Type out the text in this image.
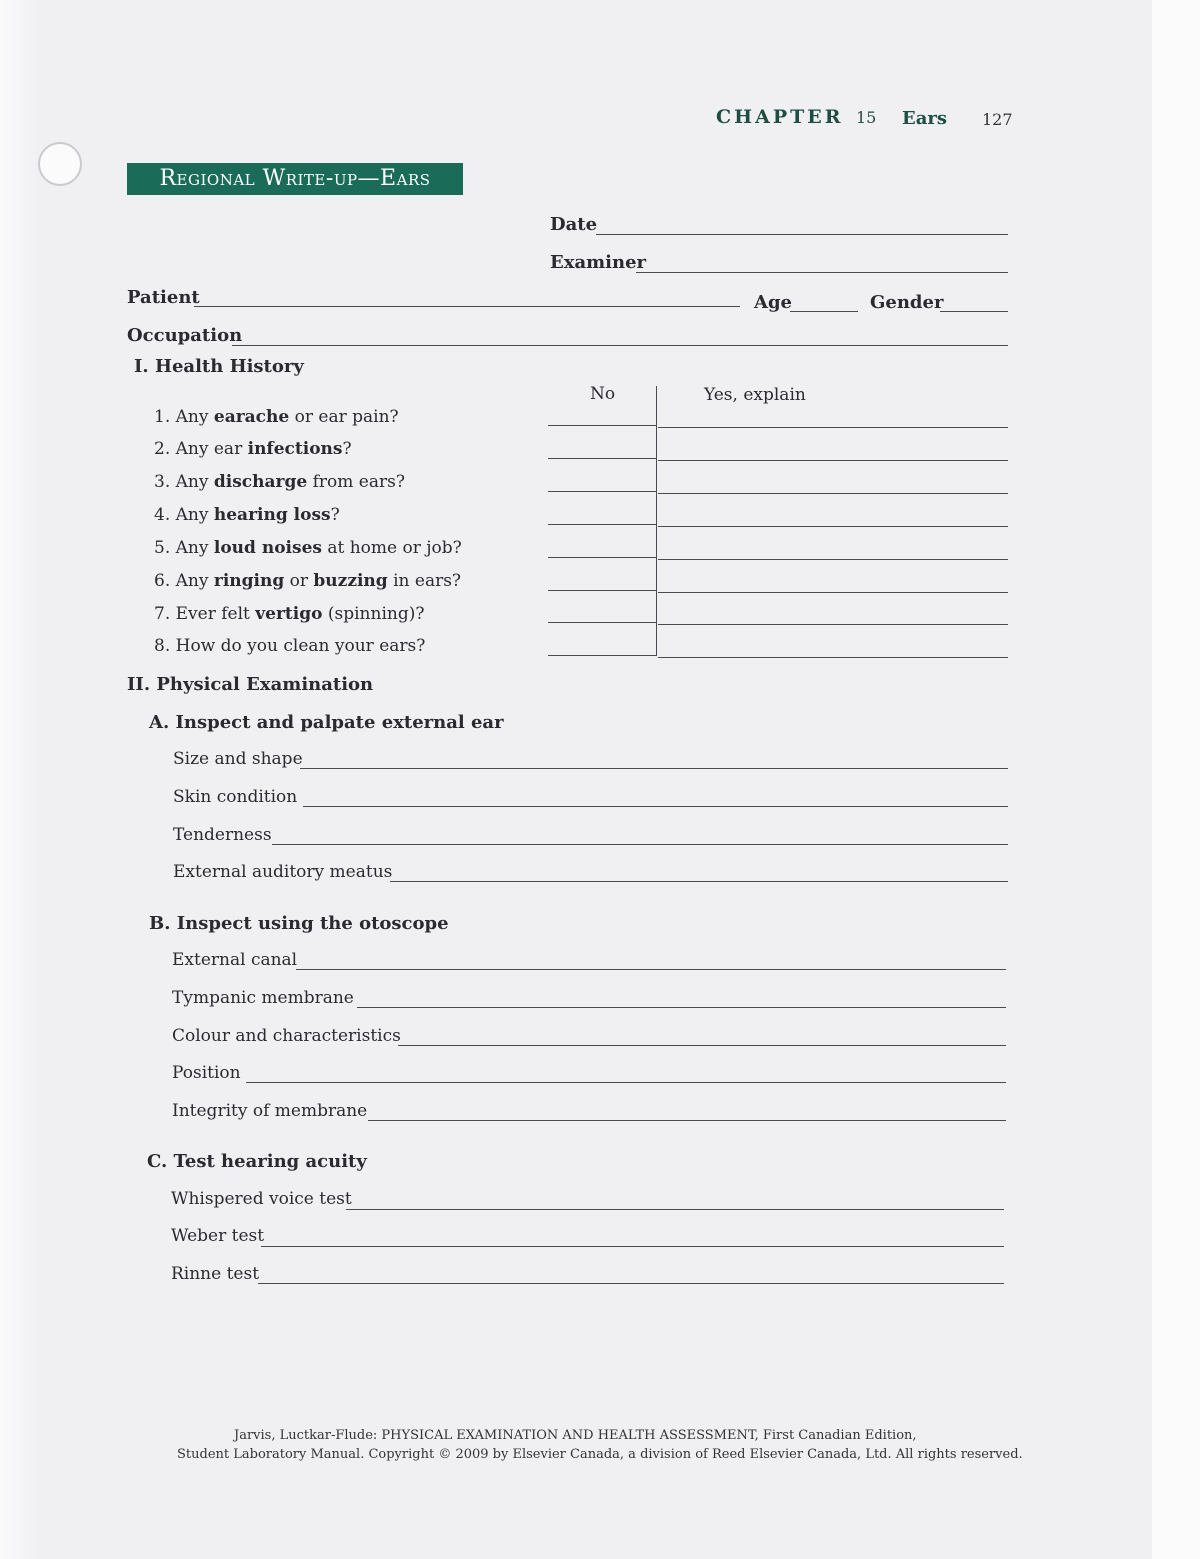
CHAPTER 15 Ears 127
Regional Write-up—Ears
Date
Examiner
Patient	Age	Gender
Occupation
I. Health History
No	Yes, explain
1. Any earache or ear pain?
2. Any ear infections?
3. Any discharge from ears?
4. Any hearing loss?
5. Any loud noises at home or job?
6. Any ringing or buzzing in ears?
7. Ever felt vertigo (spinning)?
8. How do you clean your ears?
II. Physical Examination
A. Inspect and palpate external ear
Size and shape
Skin condition
Tenderness
External auditory meatus
B. Inspect using the otoscope
External canal
Tympanic membrane
Colour and characteristics
Position
Integrity of membrane
C. Test hearing acuity
Whispered voice test
Weber test
Rinne test
Jarvis, Luctkar-Flude: PHYSICAL EXAMINATION AND HEALTH ASSESSMENT, First Canadian Edition,
Student Laboratory Manual. Copyright © 2009 by Elsevier Canada, a division of Reed Elsevier Canada, Ltd. All rights reserved.
